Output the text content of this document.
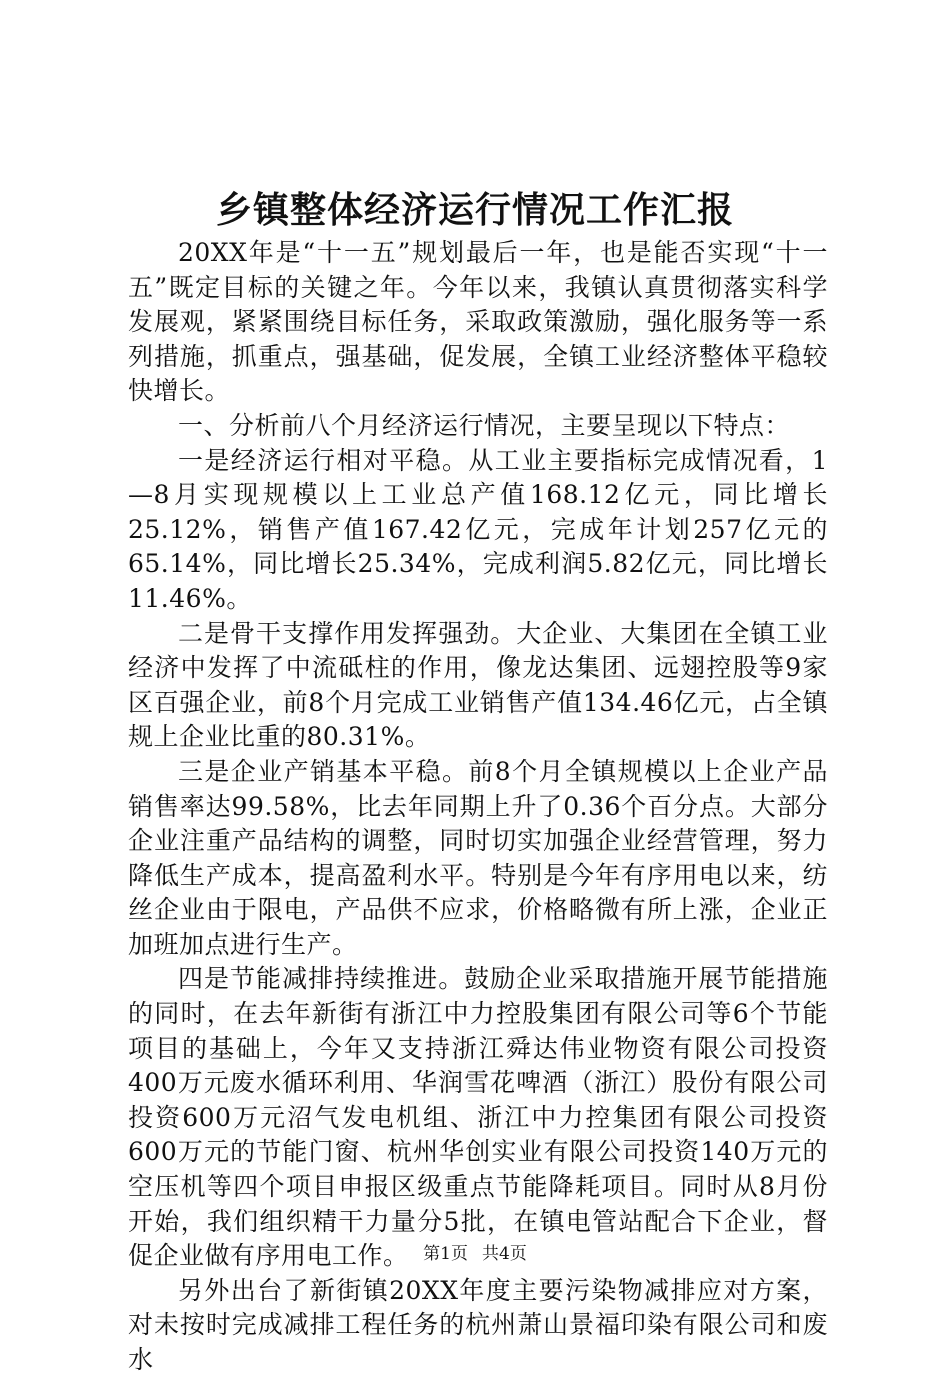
乡镇整体经济运行情况工作汇报

20XX年是“十一五”规划最后一年，也是能否实现“十一五”既定目标的关键之年。今年以来，我镇认真贯彻落实科学发展观，紧紧围绕目标任务，采取政策激励，强化服务等一系列措施，抓重点，强基础，促发展，全镇工业经济整体平稳较快增长。

一、分析前八个月经济运行情况，主要呈现以下特点：

一是经济运行相对平稳。从工业主要指标完成情况看，1—8月实现规模以上工业总产值168.12亿元，同比增长25.12%，销售产值167.42亿元，完成年计划257亿元的65.14%，同比增长25.34%，完成利润5.82亿元，同比增长11.46%。

二是骨干支撑作用发挥强劲。大企业、大集团在全镇工业经济中发挥了中流砥柱的作用，像龙达集团、远翅控股等9家区百强企业，前8个月完成工业销售产值134.46亿元，占全镇规上企业比重的80.31%。

三是企业产销基本平稳。前8个月全镇规模以上企业产品销售率达99.58%，比去年同期上升了0.36个百分点。大部分企业注重产品结构的调整，同时切实加强企业经营管理，努力降低生产成本，提高盈利水平。特别是今年有序用电以来，纺丝企业由于限电，产品供不应求，价格略微有所上涨，企业正加班加点进行生产。

四是节能减排持续推进。鼓励企业采取措施开展节能措施的同时，在去年新街有浙江中力控股集团有限公司等6个节能项目的基础上，今年又支持浙江舜达伟业物资有限公司投资400万元废水循环利用、华润雪花啤酒（浙江）股份有限公司投资600万元沼气发电机组、浙江中力控集团有限公司投资600万元的节能门窗、杭州华创实业有限公司投资140万元的空压机等四个项目申报区级重点节能降耗项目。同时从8月份开始，我们组织精干力量分5批，在镇电管站配合下企业，督促企业做有序用电工作。

另外出台了新街镇20XX年度主要污染物减排应对方案，对未按时完成减排工程任务的杭州萧山景福印染有限公司和废水

第1页 共4页
